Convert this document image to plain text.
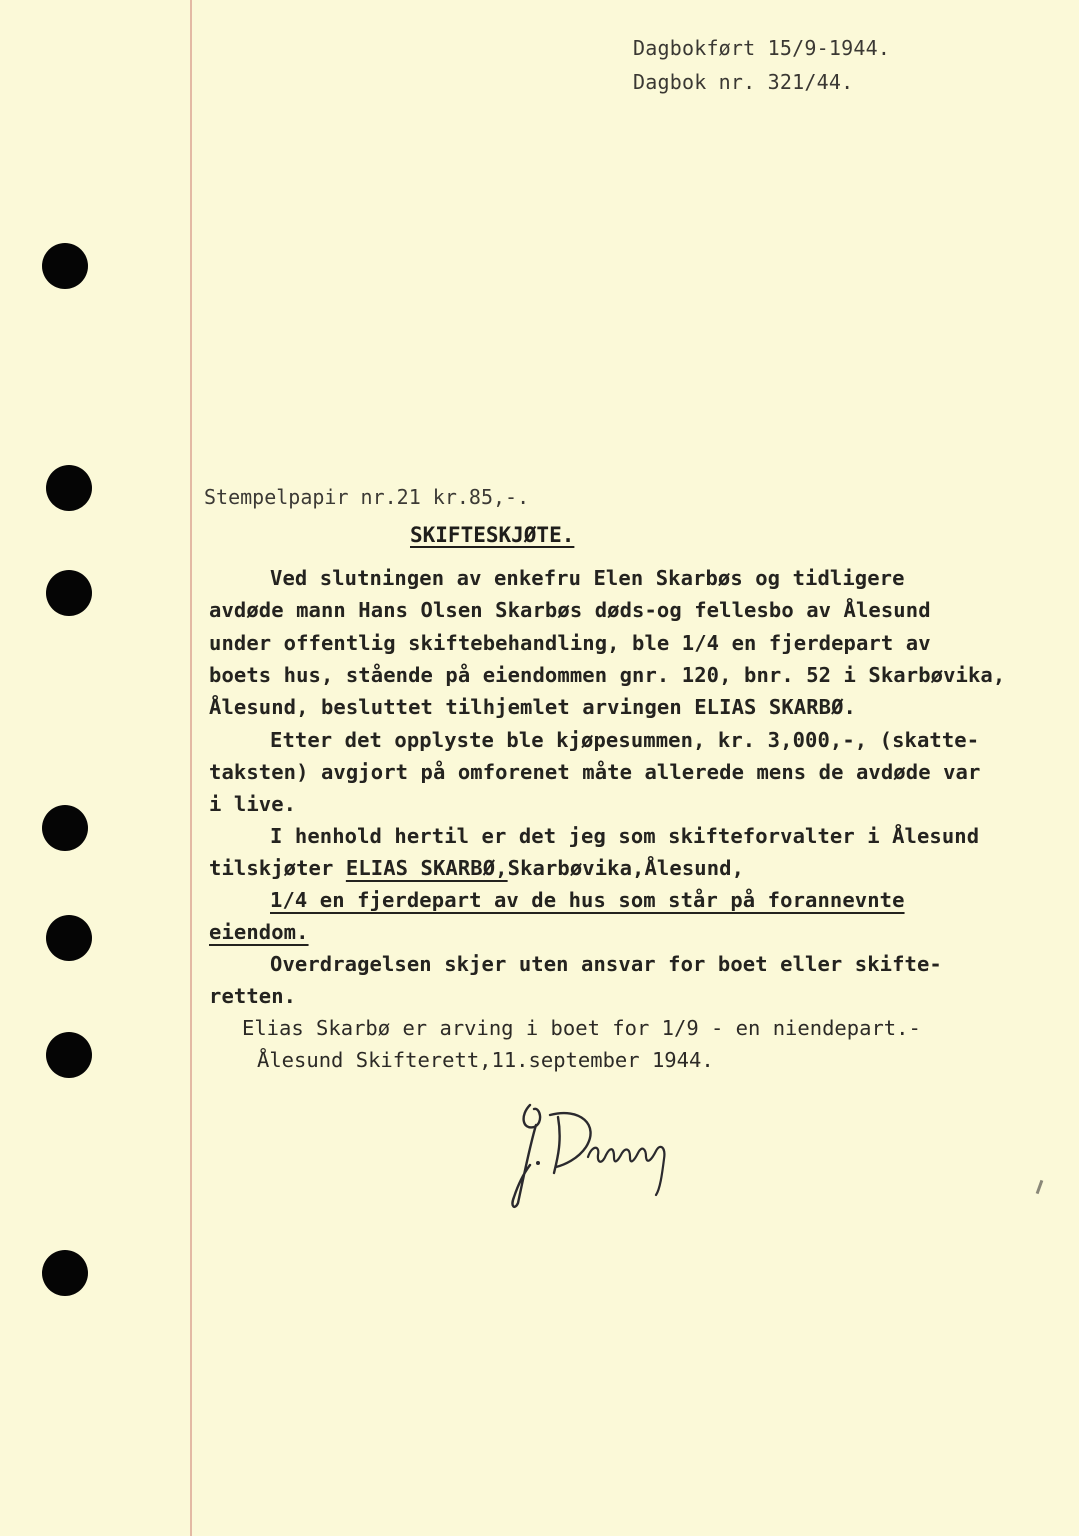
Dagbokført 15/9-1944.
Dagbok nr. 321/44.
Stempelpapir nr.21 kr.85,-.
SKIFTESKJØTE.
Ved slutningen av enkefru Elen Skarbøs og tidligere
avdøde mann Hans Olsen Skarbøs døds-og fellesbo av Ålesund
under offentlig skiftebehandling, ble 1/4 en fjerdepart av
boets hus, stående på eiendommen gnr. 120, bnr. 52 i Skarbøvika,
Ålesund, besluttet tilhjemlet arvingen ELIAS SKARBØ.
Etter det opplyste ble kjøpesummen, kr. 3,000,-, (skatte-
taksten) avgjort på omforenet måte allerede mens de avdøde var
i live.
I henhold hertil er det jeg som skifteforvalter i Ålesund
tilskjøter ELIAS SKARBØ,Skarbøvika,Ålesund,
1/4 en fjerdepart av de hus som står på forannevnte
eiendom.
Overdragelsen skjer uten ansvar for boet eller skifte-
retten.
Elias Skarbø er arving i boet for 1/9 - en niendepart.-
Ålesund Skifterett,11.september 1944.
